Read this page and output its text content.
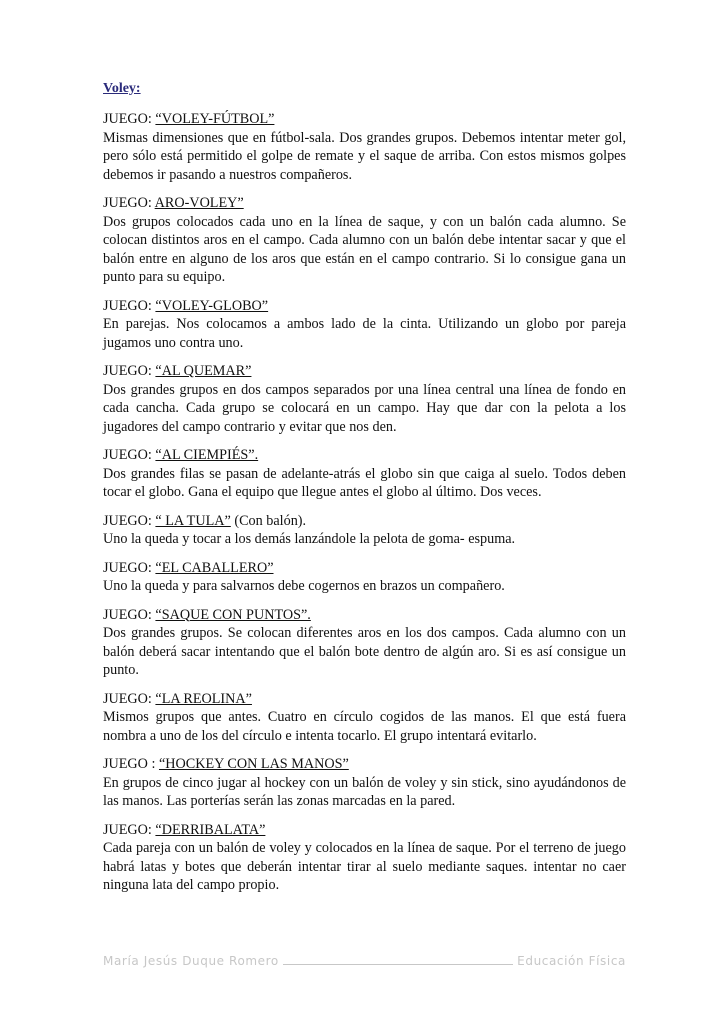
Voley:

JUEGO: “VOLEY-FÚTBOL”

Mismas dimensiones que en fútbol-sala. Dos grandes grupos. Debemos intentar meter gol, pero sólo está permitido el golpe de remate y el saque de arriba. Con estos mismos golpes debemos ir pasando a nuestros compañeros.

JUEGO: ARO-VOLEY”

Dos grupos colocados cada uno en la línea de saque, y con un balón cada alumno. Se colocan distintos aros en el campo. Cada alumno con un balón debe intentar sacar y que el balón entre en alguno de los aros que están en el campo contrario. Si lo consigue gana un punto para su equipo.

JUEGO: “VOLEY-GLOBO”

En parejas. Nos colocamos a ambos lado de la cinta. Utilizando un globo por pareja jugamos uno contra uno.

JUEGO: “AL QUEMAR”

Dos grandes grupos en dos campos separados por una línea central una línea de fondo en cada cancha. Cada grupo se colocará en un campo. Hay que dar con la pelota a los jugadores del campo contrario y evitar que nos den.

JUEGO: “AL CIEMPIÉS”.

Dos grandes filas se pasan de adelante-atrás el globo sin que caiga al suelo. Todos deben tocar el globo. Gana el equipo que llegue antes el globo al último. Dos veces.

JUEGO: “ LA TULA” (Con balón).

Uno la queda y tocar a los demás lanzándole la pelota de goma- espuma.

JUEGO: “EL CABALLERO”

Uno la queda y para salvarnos debe cogernos en brazos un compañero.

JUEGO: “SAQUE CON PUNTOS”.

Dos grandes grupos. Se colocan diferentes aros en los dos campos. Cada alumno con un balón deberá sacar intentando que el balón bote dentro de algún aro. Si es así consigue un punto.

JUEGO: “LA REOLINA”

Mismos grupos que antes. Cuatro en círculo cogidos de las manos. El que está fuera nombra a uno de los del círculo e intenta tocarlo. El grupo intentará evitarlo.

JUEGO : “HOCKEY CON LAS MANOS”

En grupos de cinco jugar al hockey con un balón de voley y sin stick, sino ayudándonos de las manos. Las porterías serán las zonas marcadas en la pared.

JUEGO: “DERRIBALATA”

Cada pareja con un balón de voley y colocados en la línea de saque. Por el terreno de juego habrá latas y botes que deberán intentar tirar al suelo mediante saques. intentar no caer ninguna lata del campo propio.

María Jesús Duque Romero	Educación Física
